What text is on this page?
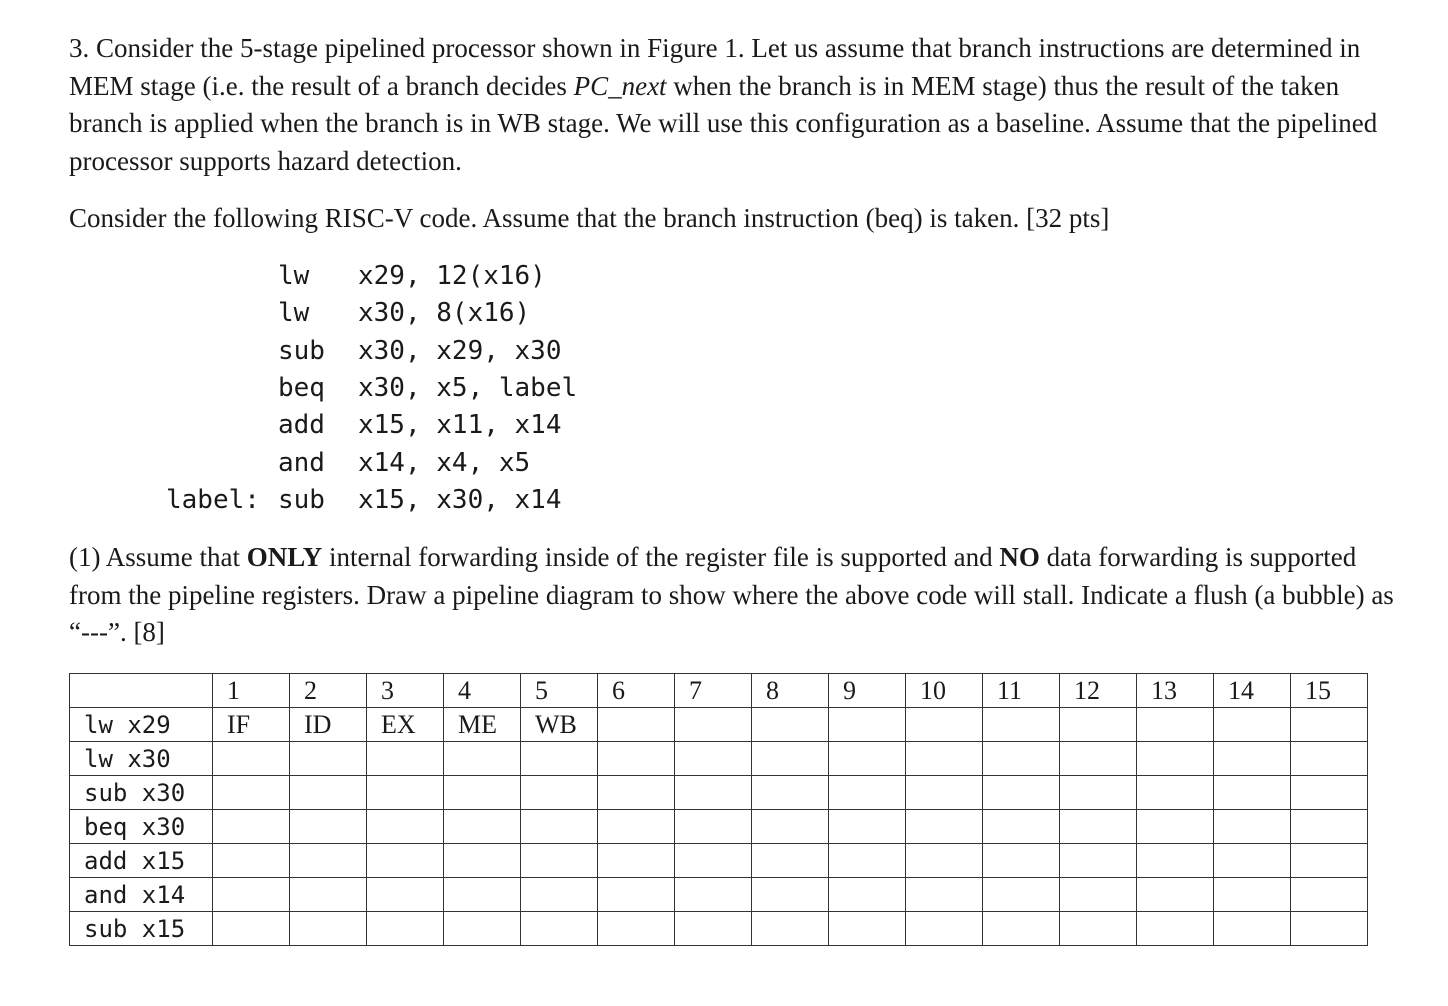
3. Consider the 5-stage pipelined processor shown in Figure 1. Let us assume that branch instructions are determined in MEM stage (i.e. the result of a branch decides PC_next when the branch is in MEM stage) thus the result of the taken branch is applied when the branch is in WB stage. We will use this configuration as a baseline. Assume that the pipelined processor supports hazard detection.

Consider the following RISC-V code. Assume that the branch instruction (beq) is taken. [32 pts]

lw x29, 12(x16)
lw x30, 8(x16)
sub x30, x29, x30
beq x30, x5, label
add x15, x11, x14
and x14, x4, x5
label: sub x15, x30, x14

(1) Assume that ONLY internal forwarding inside of the register file is supported and NO data forwarding is supported from the pipeline registers. Draw a pipeline diagram to show where the above code will stall. Indicate a flush (a bubble) as “---”. [8]

	1	2	3	4	5	6	7	8	9	10	11	12	13	14	15
lw x29	IF	ID	EX	ME	WB										
lw x30															
sub x30															
beq x30															
add x15															
and x14															
sub x15															
